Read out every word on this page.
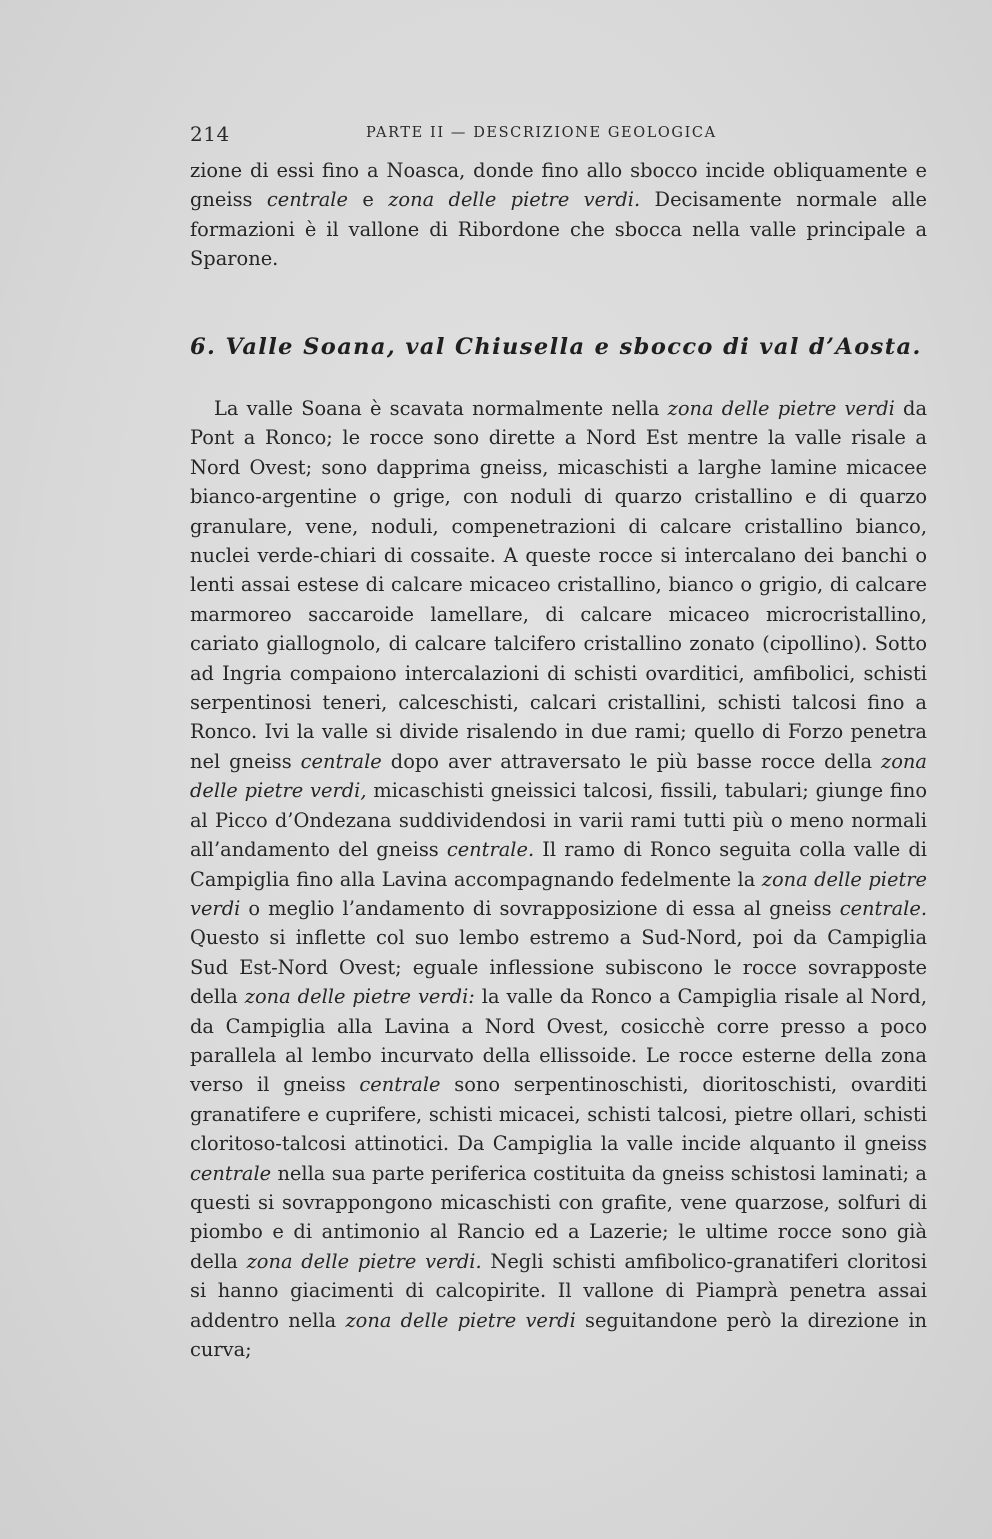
214	PARTE II — DESCRIZIONE GEOLOGICA

zione di essi fino a Noasca, donde fino allo sbocco incide obliquamente e gneiss centrale e zona delle pietre verdi. Decisamente normale alle formazioni è il vallone di Ribordone che sbocca nella valle principale a Sparone.

6. Valle Soana, val Chiusella e sbocco di val d’Aosta.

La valle Soana è scavata normalmente nella zona delle pietre verdi da Pont a Ronco; le rocce sono dirette a Nord Est mentre la valle risale a Nord Ovest; sono dapprima gneiss, micaschisti a larghe lamine micacee bianco-argentine o grige, con noduli di quarzo cristallino e di quarzo granulare, vene, noduli, compenetrazioni di calcare cristallino bianco, nuclei verde-chiari di cossaite. A queste rocce si intercalano dei banchi o lenti assai estese di calcare micaceo cristallino, bianco o grigio, di calcare marmoreo saccaroide lamellare, di calcare micaceo microcristallino, cariato giallognolo, di calcare talcifero cristallino zonato (cipollino). Sotto ad Ingria compaiono intercalazioni di schisti ovarditici, amfibolici, schisti serpentinosi teneri, calceschisti, calcari cristallini, schisti talcosi fino a Ronco. Ivi la valle si divide risalendo in due rami; quello di Forzo penetra nel gneiss centrale dopo aver attraversato le più basse rocce della zona delle pietre verdi, micaschisti gneissici talcosi, fissili, tabulari; giunge fino al Picco d’Ondezana suddividendosi in varii rami tutti più o meno normali all’andamento del gneiss centrale. Il ramo di Ronco seguita colla valle di Campiglia fino alla Lavina accompagnando fedelmente la zona delle pietre verdi o meglio l’andamento di sovrapposizione di essa al gneiss centrale. Questo si inflette col suo lembo estremo a Sud-Nord, poi da Campiglia Sud Est-Nord Ovest; eguale inflessione subiscono le rocce sovrapposte della zona delle pietre verdi: la valle da Ronco a Campiglia risale al Nord, da Campiglia alla Lavina a Nord Ovest, cosicchè corre presso a poco parallela al lembo incurvato della ellissoide. Le rocce esterne della zona verso il gneiss centrale sono serpentinoschisti, dioritoschisti, ovarditi granatifere e cuprifere, schisti micacei, schisti talcosi, pietre ollari, schisti cloritoso-talcosi attinotici. Da Campiglia la valle incide alquanto il gneiss centrale nella sua parte periferica costituita da gneiss schistosi laminati; a questi si sovrappongono micaschisti con grafite, vene quarzose, solfuri di piombo e di antimonio al Rancio ed a Lazerie; le ultime rocce sono già della zona delle pietre verdi. Negli schisti amfibolico-granatiferi cloritosi si hanno giacimenti di calcopirite. Il vallone di Piamprà penetra assai addentro nella zona delle pietre verdi seguitandone però la direzione in curva;
